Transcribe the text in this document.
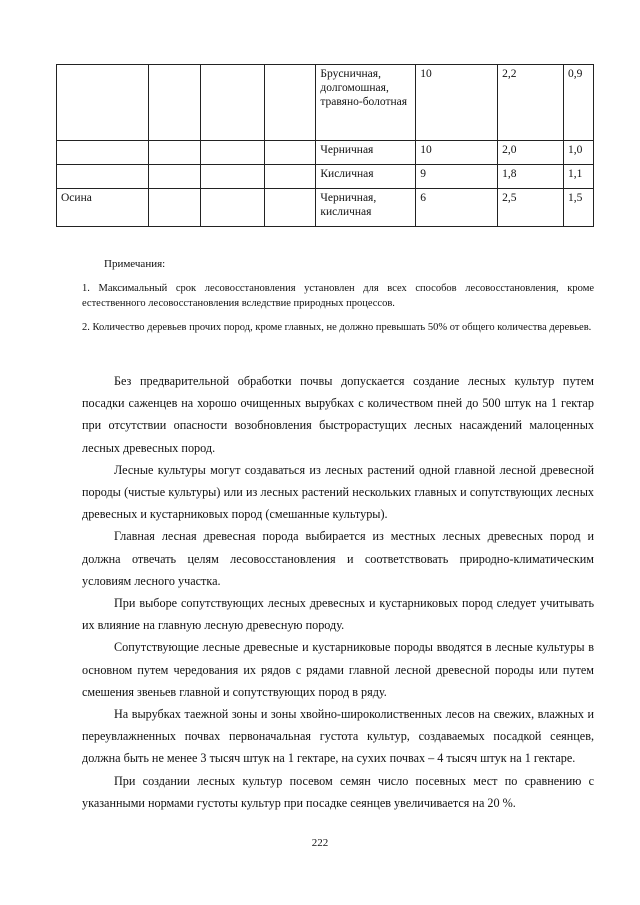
				Брусничная, долгомошная, травяно-болотная	10	2,2	0,9
				Черничная	10	2,0	1,0
				Кисличная	9	1,8	1,1
Осина				Черничная, кисличная	6	2,5	1,5
Примечания:
1. Максимальный срок лесовосстановления установлен для всех способов лесовосстановления, кроме естественного лесовосстановления вследствие природных процессов.
2. Количество деревьев прочих пород, кроме главных, не должно превышать 50% от общего количества деревьев.

Без предварительной обработки почвы допускается создание лесных культур путем посадки саженцев на хорошо очищенных вырубках с количеством пней до 500 штук на 1 гектар при отсутствии опасности возобновления быстрорастущих лесных насаждений малоценных лесных древесных пород.

Лесные культуры могут создаваться из лесных растений одной главной лесной древесной породы (чистые культуры) или из лесных растений нескольких главных и сопутствующих лесных древесных и кустарниковых пород (смешанные культуры).

Главная лесная древесная порода выбирается из местных лесных древесных пород и должна отвечать целям лесовосстановления и соответствовать природно-климатическим условиям лесного участка.

При выборе сопутствующих лесных древесных и кустарниковых пород следует учитывать их влияние на главную лесную древесную породу.

Сопутствующие лесные древесные и кустарниковые породы вводятся в лесные культуры в основном путем чередования их рядов с рядами главной лесной древесной породы или путем смешения звеньев главной и сопутствующих пород в ряду.

На вырубках таежной зоны и зоны хвойно-широколиственных лесов на свежих, влажных и переувлажненных почвах первоначальная густота культур, создаваемых посадкой сеянцев, должна быть не менее 3 тысяч штук на 1 гектаре, на сухих почвах – 4 тысяч штук на 1 гектаре.

При создании лесных культур посевом семян число посевных мест по сравнению с указанными нормами густоты культур при посадке сеянцев увеличивается на 20 %.

222
